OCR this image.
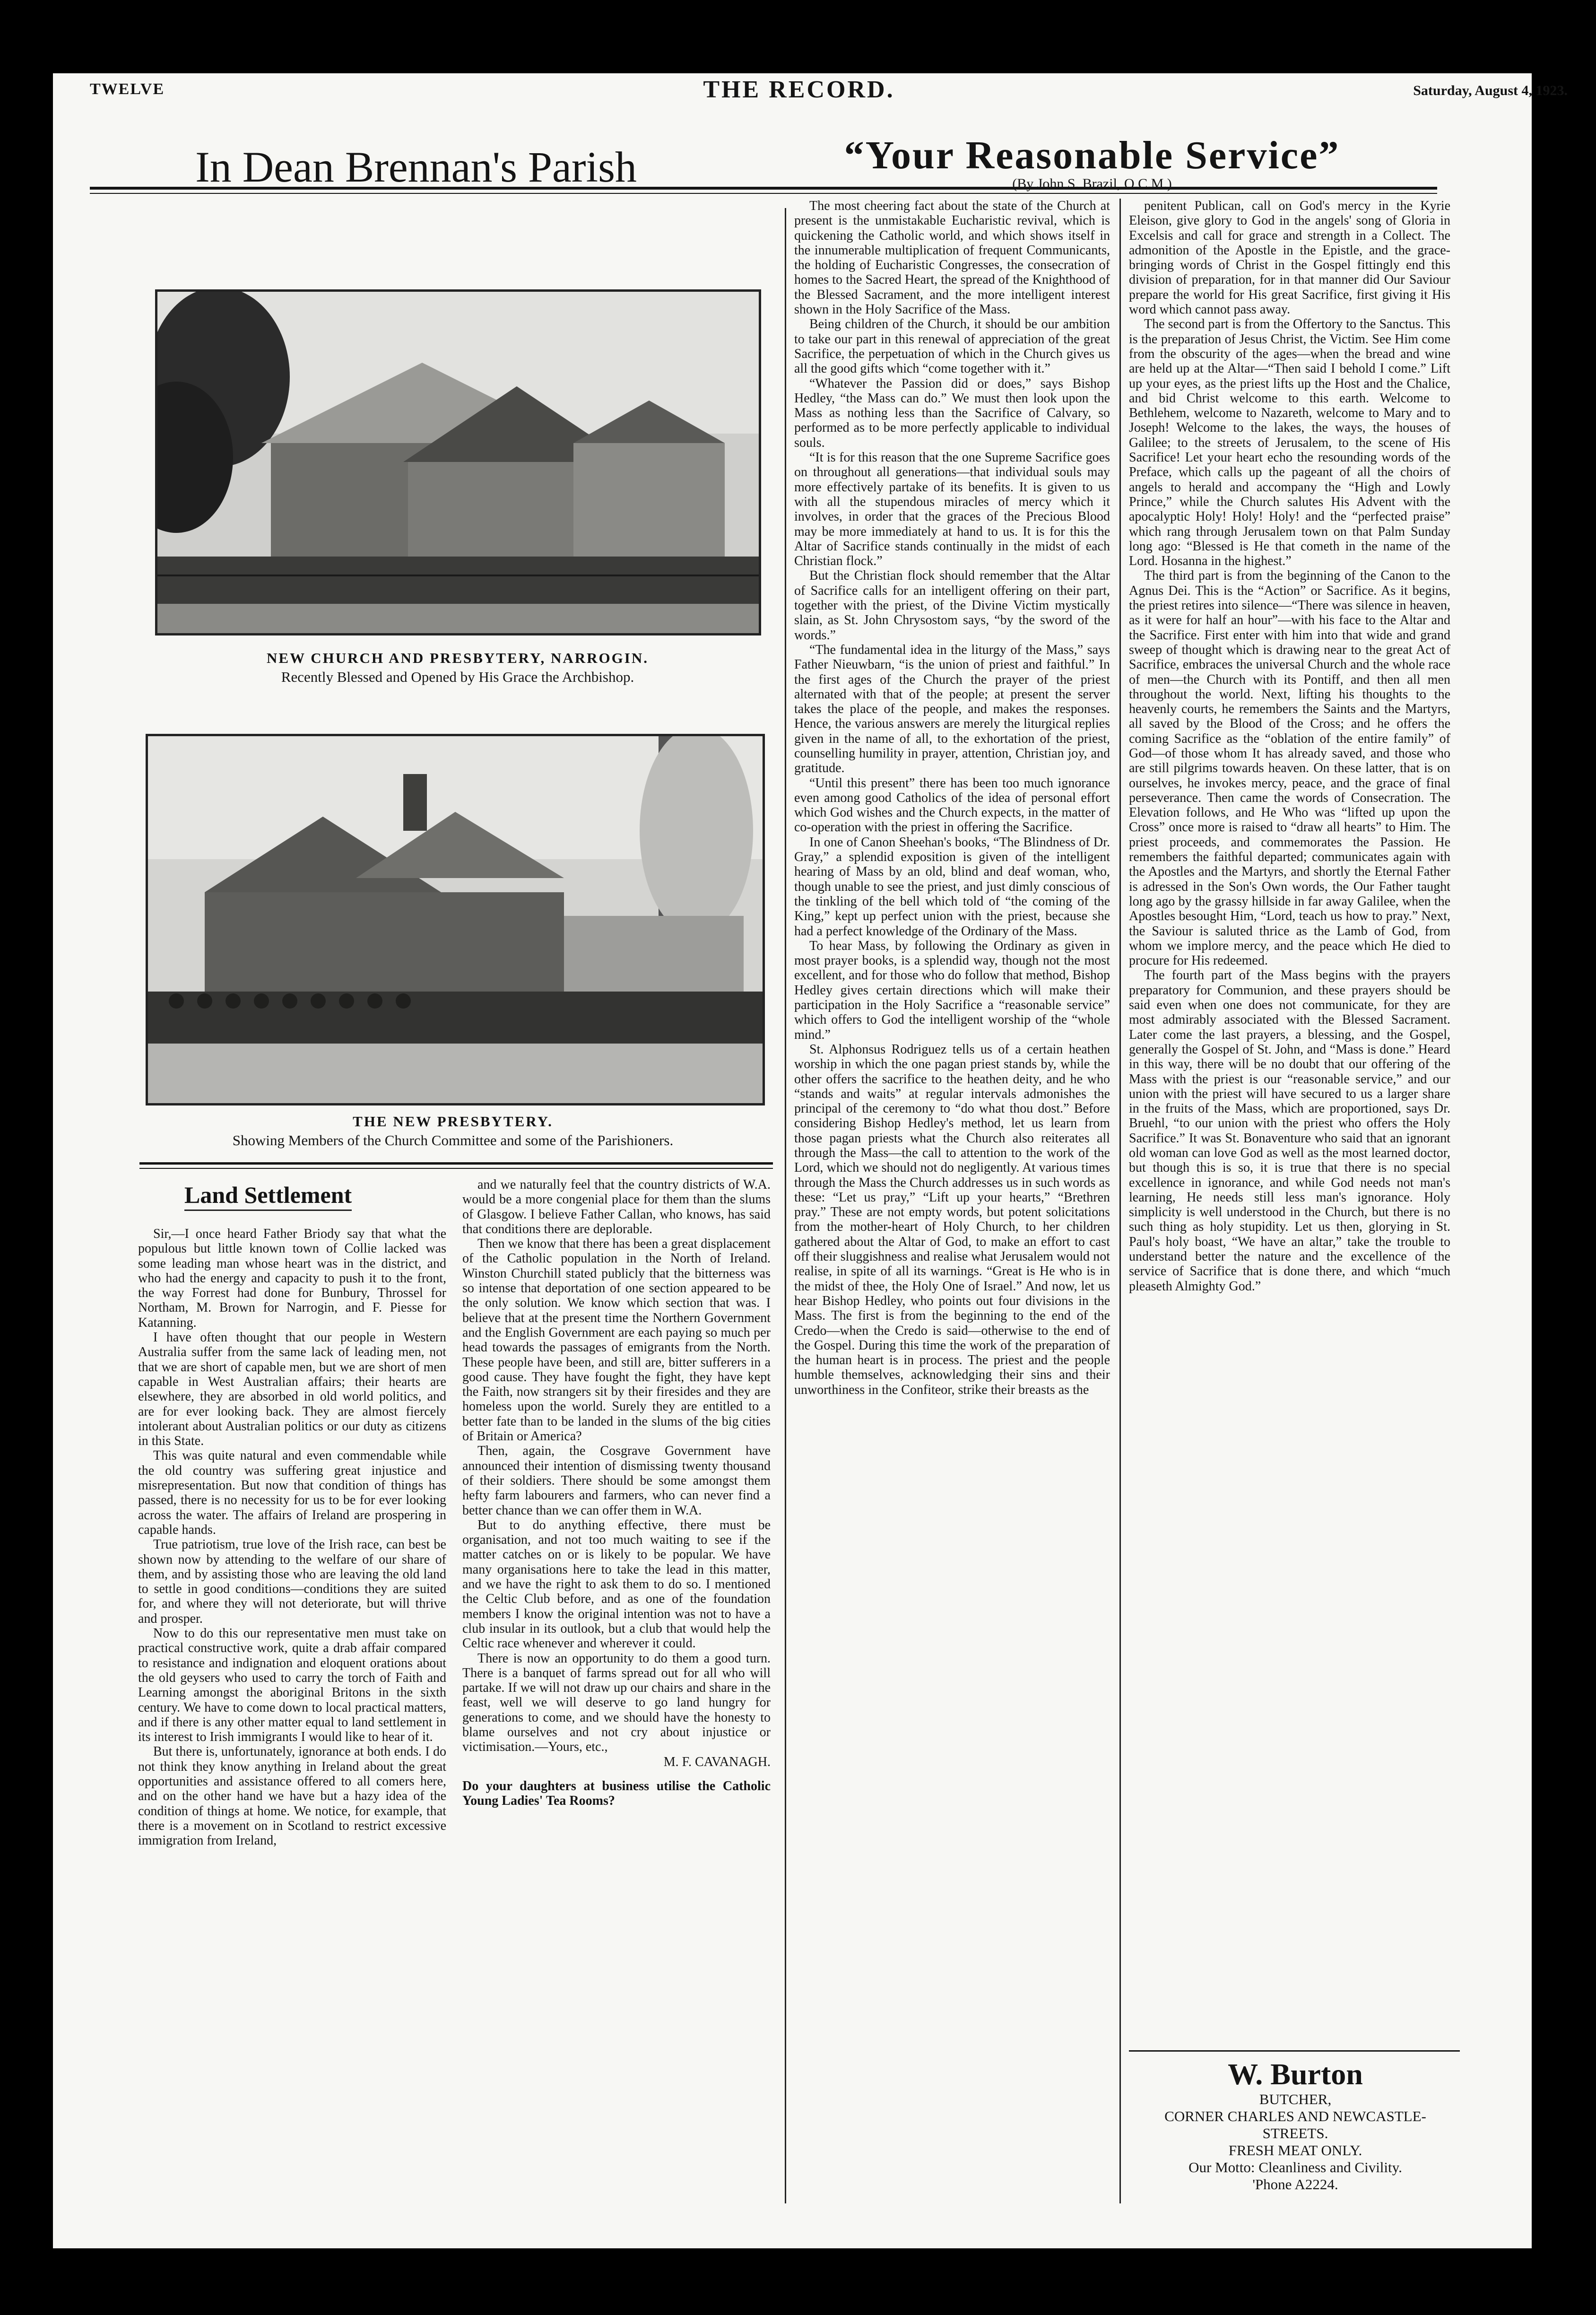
TWELVE	THE RECORD.	Saturday, August 4, 1923.
In Dean Brennan's Parish
NEW CHURCH AND PRESBYTERY, NARROGIN.
Recently Blessed and Opened by His Grace the Archbishop.
THE NEW PRESBYTERY.
Showing Members of the Church Committee and some of the Parishioners.
Land Settlement

Sir,—I once heard Father Briody say that what the populous but little known town of Collie lacked was some leading man whose heart was in the district, and who had the energy and capacity to push it to the front, the way Forrest had done for Bunbury, Throssel for Northam, M. Brown for Narrogin, and F. Piesse for Katanning.

I have often thought that our people in Western Australia suffer from the same lack of leading men, not that we are short of capable men, but we are short of men capable in West Australian affairs; their hearts are elsewhere, they are absorbed in old world politics, and are for ever looking back. They are almost fiercely intolerant about Australian politics or our duty as citizens in this State.

This was quite natural and even commendable while the old country was suffering great injustice and misrepresentation. But now that condition of things has passed, there is no necessity for us to be for ever looking across the water. The affairs of Ireland are prospering in capable hands.

True patriotism, true love of the Irish race, can best be shown now by attending to the welfare of our share of them, and by assisting those who are leaving the old land to settle in good conditions—conditions they are suited for, and where they will not deteriorate, but will thrive and prosper.

Now to do this our representative men must take on practical constructive work, quite a drab affair compared to resistance and indignation and eloquent orations about the old geysers who used to carry the torch of Faith and Learning amongst the aboriginal Britons in the sixth century. We have to come down to local practical matters, and if there is any other matter equal to land settlement in its interest to Irish immigrants I would like to hear of it.

But there is, unfortunately, ignorance at both ends. I do not think they know anything in Ireland about the great opportunities and assistance offered to all comers here, and on the other hand we have but a hazy idea of the condition of things at home. We notice, for example, that there is a movement on in Scotland to restrict excessive immigration from Ireland,

and we naturally feel that the country districts of W.A. would be a more congenial place for them than the slums of Glasgow. I believe Father Callan, who knows, has said that conditions there are deplorable.

Then we know that there has been a great displacement of the Catholic population in the North of Ireland. Winston Churchill stated publicly that the bitterness was so intense that deportation of one section appeared to be the only solution. We know which section that was. I believe that at the present time the Northern Government and the English Government are each paying so much per head towards the passages of emigrants from the North. These people have been, and still are, bitter sufferers in a good cause. They have fought the fight, they have kept the Faith, now strangers sit by their firesides and they are homeless upon the world. Surely they are entitled to a better fate than to be landed in the slums of the big cities of Britain or America?

Then, again, the Cosgrave Government have announced their intention of dismissing twenty thousand of their soldiers. There should be some amongst them hefty farm labourers and farmers, who can never find a better chance than we can offer them in W.A.

But to do anything effective, there must be organisation, and not too much waiting to see if the matter catches on or is likely to be popular. We have many organisations here to take the lead in this matter, and we have the right to ask them to do so. I mentioned the Celtic Club before, and as one of the foundation members I know the original intention was not to have a club insular in its outlook, but a club that would help the Celtic race whenever and wherever it could.

There is now an opportunity to do them a good turn. There is a banquet of farms spread out for all who will partake. If we will not draw up our chairs and share in the feast, well we will deserve to go land hungry for generations to come, and we should have the honesty to blame ourselves and not cry about injustice or victimisation.—Yours, etc.,

M. F. CAVANAGH.

Do your daughters at business utilise the Catholic Young Ladies' Tea Rooms?

“Your Reasonable Service”
(By John S. Brazil, O.C.M.)

The most cheering fact about the state of the Church at present is the unmistakable Eucharistic revival, which is quickening the Catholic world, and which shows itself in the innumerable multiplication of frequent Communicants, the holding of Eucharistic Congresses, the consecration of homes to the Sacred Heart, the spread of the Knighthood of the Blessed Sacrament, and the more intelligent interest shown in the Holy Sacrifice of the Mass.

Being children of the Church, it should be our ambition to take our part in this renewal of appreciation of the great Sacrifice, the perpetuation of which in the Church gives us all the good gifts which “come together with it.”

“Whatever the Passion did or does,” says Bishop Hedley, “the Mass can do.” We must then look upon the Mass as nothing less than the Sacrifice of Calvary, so performed as to be more perfectly applicable to individual souls.

“It is for this reason that the one Supreme Sacrifice goes on throughout all generations—that individual souls may more effectively partake of its benefits. It is given to us with all the stupendous miracles of mercy which it involves, in order that the graces of the Precious Blood may be more immediately at hand to us. It is for this the Altar of Sacrifice stands continually in the midst of each Christian flock.”

But the Christian flock should remember that the Altar of Sacrifice calls for an intelligent offering on their part, together with the priest, of the Divine Victim mystically slain, as St. John Chrysostom says, “by the sword of the words.”

“The fundamental idea in the liturgy of the Mass,” says Father Nieuwbarn, “is the union of priest and faithful.” In the first ages of the Church the prayer of the priest alternated with that of the people; at present the server takes the place of the people, and makes the responses. Hence, the various answers are merely the liturgical replies given in the name of all, to the exhortation of the priest, counselling humility in prayer, attention, Christian joy, and gratitude.

“Until this present” there has been too much ignorance even among good Catholics of the idea of personal effort which God wishes and the Church expects, in the matter of co-operation with the priest in offering the Sacrifice.

In one of Canon Sheehan's books, “The Blindness of Dr. Gray,” a splendid exposition is given of the intelligent hearing of Mass by an old, blind and deaf woman, who, though unable to see the priest, and just dimly conscious of the tinkling of the bell which told of “the coming of the King,” kept up perfect union with the priest, because she had a perfect knowledge of the Ordinary of the Mass.

To hear Mass, by following the Ordinary as given in most prayer books, is a splendid way, though not the most excellent, and for those who do follow that method, Bishop Hedley gives certain directions which will make their participation in the Holy Sacrifice a “reasonable service” which offers to God the intelligent worship of the “whole mind.”

St. Alphonsus Rodriguez tells us of a certain heathen worship in which the one pagan priest stands by, while the other offers the sacrifice to the heathen deity, and he who “stands and waits” at regular intervals admonishes the principal of the ceremony to “do what thou dost.” Before considering Bishop Hedley's method, let us learn from those pagan priests what the Church also reiterates all through the Mass—the call to attention to the work of the Lord, which we should not do negligently. At various times through the Mass the Church addresses us in such words as these: “Let us pray,” “Lift up your hearts,” “Brethren pray.” These are not empty words, but potent solicitations from the mother-heart of Holy Church, to her children gathered about the Altar of God, to make an effort to cast off their sluggishness and realise what Jerusalem would not realise, in spite of all its warnings. “Great is He who is in the midst of thee, the Holy One of Israel.” And now, let us hear Bishop Hedley, who points out four divisions in the Mass. The first is from the beginning to the end of the Credo—when the Credo is said—otherwise to the end of the Gospel. During this time the work of the preparation of the human heart is in process. The priest and the people humble themselves, acknowledging their sins and their unworthiness in the Confiteor, strike their breasts as the

penitent Publican, call on God's mercy in the Kyrie Eleison, give glory to God in the angels' song of Gloria in Excelsis and call for grace and strength in a Collect. The admonition of the Apostle in the Epistle, and the grace-bringing words of Christ in the Gospel fittingly end this division of preparation, for in that manner did Our Saviour prepare the world for His great Sacrifice, first giving it His word which cannot pass away.

The second part is from the Offertory to the Sanctus. This is the preparation of Jesus Christ, the Victim. See Him come from the obscurity of the ages—when the bread and wine are held up at the Altar—“Then said I behold I come.” Lift up your eyes, as the priest lifts up the Host and the Chalice, and bid Christ welcome to this earth. Welcome to Bethlehem, welcome to Nazareth, welcome to Mary and to Joseph! Welcome to the lakes, the ways, the houses of Galilee; to the streets of Jerusalem, to the scene of His Sacrifice! Let your heart echo the resounding words of the Preface, which calls up the pageant of all the choirs of angels to herald and accompany the “High and Lowly Prince,” while the Church salutes His Advent with the apocalyptic Holy! Holy! Holy! and the “perfected praise” which rang through Jerusalem town on that Palm Sunday long ago: “Blessed is He that cometh in the name of the Lord. Hosanna in the highest.”

The third part is from the beginning of the Canon to the Agnus Dei. This is the “Action” or Sacrifice. As it begins, the priest retires into silence—“There was silence in heaven, as it were for half an hour”—with his face to the Altar and the Sacrifice. First enter with him into that wide and grand sweep of thought which is drawing near to the great Act of Sacrifice, embraces the universal Church and the whole race of men—the Church with its Pontiff, and then all men throughout the world. Next, lifting his thoughts to the heavenly courts, he remembers the Saints and the Martyrs, all saved by the Blood of the Cross; and he offers the coming Sacrifice as the “oblation of the entire family” of God—of those whom It has already saved, and those who are still pilgrims towards heaven. On these latter, that is on ourselves, he invokes mercy, peace, and the grace of final perseverance. Then came the words of Consecration. The Elevation follows, and He Who was “lifted up upon the Cross” once more is raised to “draw all hearts” to Him. The priest proceeds, and commemorates the Passion. He remembers the faithful departed; communicates again with the Apostles and the Martyrs, and shortly the Eternal Father is adressed in the Son's Own words, the Our Father taught long ago by the grassy hillside in far away Galilee, when the Apostles besought Him, “Lord, teach us how to pray.” Next, the Saviour is saluted thrice as the Lamb of God, from whom we implore mercy, and the peace which He died to procure for His redeemed.

The fourth part of the Mass begins with the prayers preparatory for Communion, and these prayers should be said even when one does not communicate, for they are most admirably associated with the Blessed Sacrament. Later come the last prayers, a blessing, and the Gospel, generally the Gospel of St. John, and “Mass is done.” Heard in this way, there will be no doubt that our offering of the Mass with the priest is our “reasonable service,” and our union with the priest will have secured to us a larger share in the fruits of the Mass, which are proportioned, says Dr. Bruehl, “to our union with the priest who offers the Holy Sacrifice.” It was St. Bonaventure who said that an ignorant old woman can love God as well as the most learned doctor, but though this is so, it is true that there is no special excellence in ignorance, and while God needs not man's learning, He needs still less man's ignorance. Holy simplicity is well understood in the Church, but there is no such thing as holy stupidity. Let us then, glorying in St. Paul's holy boast, “We have an altar,” take the trouble to understand better the nature and the excellence of the service of Sacrifice that is done there, and which “much pleaseth Almighty God.”

W. Burton
BUTCHER,
CORNER CHARLES AND NEWCASTLE-STREETS.
FRESH MEAT ONLY.
Our Motto: Cleanliness and Civility.
'Phone A2224.
